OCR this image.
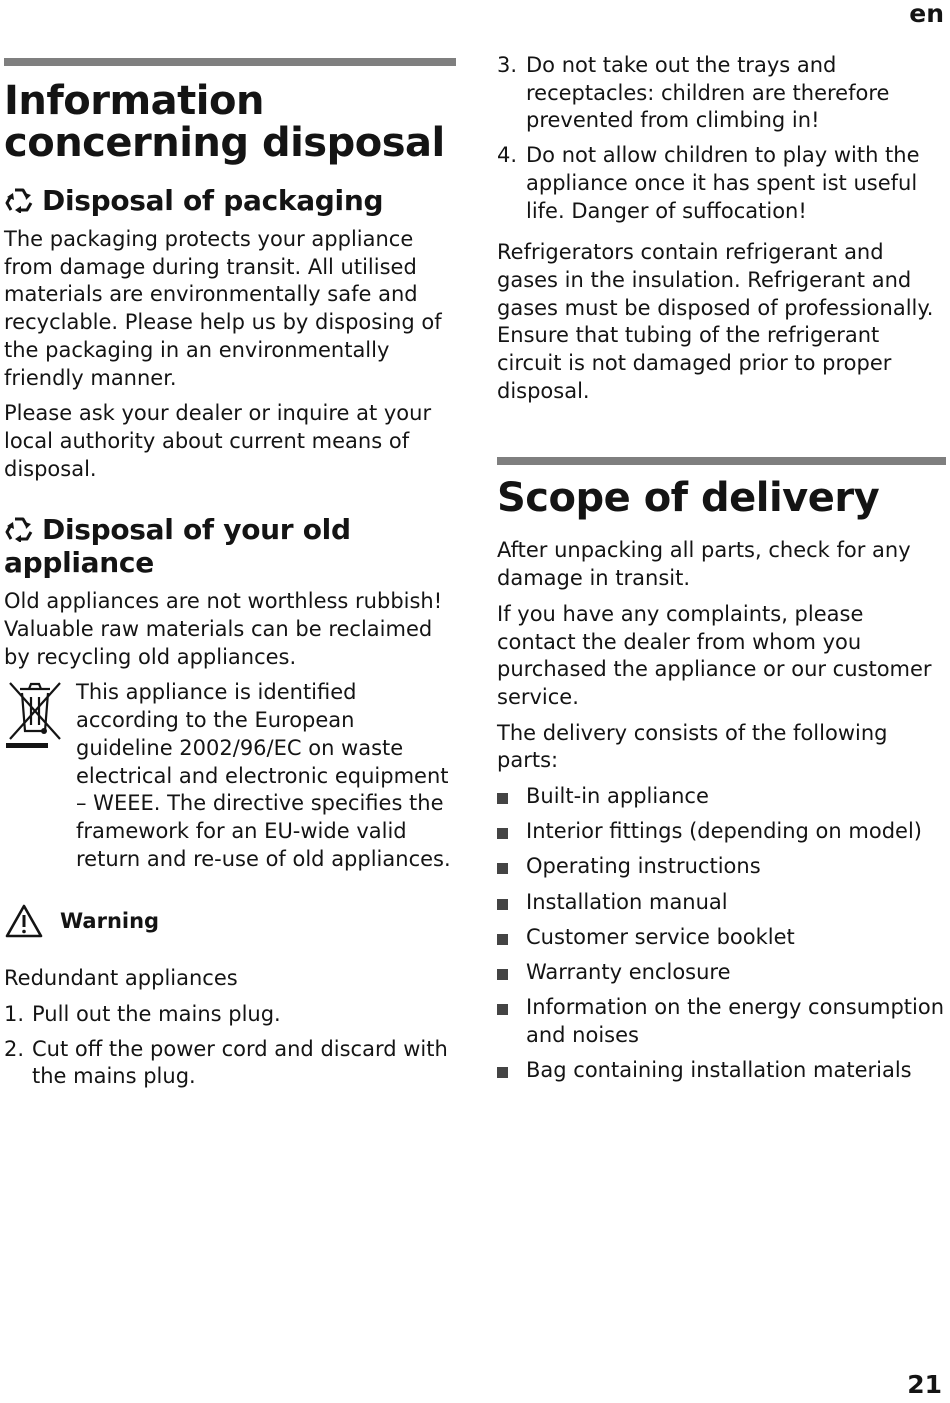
en
Information concerning disposal
Disposal of packaging

The packaging protects your appliance from damage during transit. All utilised materials are environmentally safe and recyclable. Please help us by disposing of the packaging in an environmentally friendly manner.

Please ask your dealer or inquire at your local authority about current means of disposal.

Disposal of your old appliance

Old appliances are not worthless rubbish! Valuable raw materials can be reclaimed by recycling old appliances.

This appliance is identified according to the European guideline 2002/96/EC on waste electrical and electronic equipment – WEEE. The directive specifies the framework for an EU-wide valid return and re-use of old appliances.

Warning

Redundant appliances

1. Pull out the mains plug.
2. Cut off the power cord and discard with the mains plug.
3. Do not take out the trays and receptacles: children are therefore prevented from climbing in!
4. Do not allow children to play with the appliance once it has spent ist useful life. Danger of suffocation!

Refrigerators contain refrigerant and gases in the insulation. Refrigerant and gases must be disposed of professionally. Ensure that tubing of the refrigerant circuit is not damaged prior to proper disposal.

Scope of delivery

After unpacking all parts, check for any damage in transit.

If you have any complaints, please contact the dealer from whom you purchased the appliance or our customer service.

The delivery consists of the following parts:

Built-in appliance
Interior fittings (depending on model)
Operating instructions
Installation manual
Customer service booklet
Warranty enclosure
Information on the energy consumption and noises
Bag containing installation materials
21
